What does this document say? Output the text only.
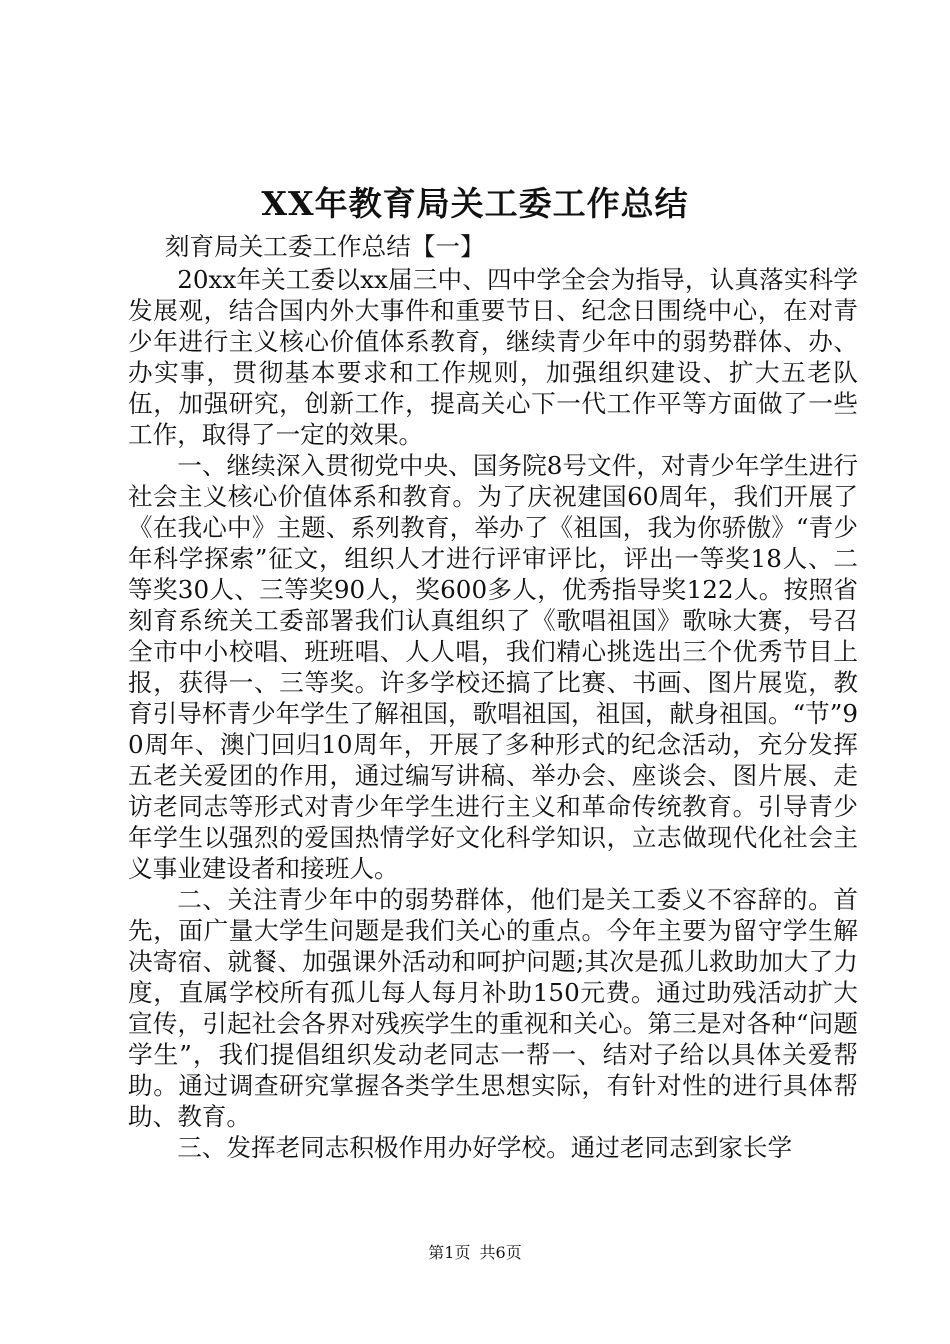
XX年教育局关工委工作总结

刻育局关工委工作总结【一】

20xx年关工委以xx届三中、四中学全会为指导，认真落实科学发展观，结合国内外大事件和重要节日、纪念日围绕中心，在对青少年进行主义核心价值体系教育，继续青少年中的弱势群体、办、办实事，贯彻基本要求和工作规则，加强组织建设、扩大五老队伍，加强研究，创新工作，提高关心下一代工作平等方面做了一些工作，取得了一定的效果。

一、继续深入贯彻党中央、国务院8号文件，对青少年学生进行社会主义核心价值体系和教育。为了庆祝建国60周年，我们开展了《在我心中》主题、系列教育，举办了《祖国，我为你骄傲》“青少年科学探索”征文，组织人才进行评审评比，评出一等奖18人、二等奖30人、三等奖90人，奖600多人，优秀指导奖122人。按照省刻育系统关工委部署我们认真组织了《歌唱祖国》歌咏大赛，号召全市中小校唱、班班唱、人人唱，我们精心挑选出三个优秀节目上报，获得一、三等奖。许多学校还搞了比赛、书画、图片展览，教育引导杯青少年学生了解祖国，歌唱祖国，祖国，献身祖国。“节”90周年、澳门回归10周年，开展了多种形式的纪念活动，充分发挥五老关爱团的作用，通过编写讲稿、举办会、座谈会、图片展、走访老同志等形式对青少年学生进行主义和革命传统教育。引导青少年学生以强烈的爱国热情学好文化科学知识，立志做现代化社会主义事业建设者和接班人。

二、关注青少年中的弱势群体，他们是关工委义不容辞的。首先，面广量大学生问题是我们关心的重点。今年主要为留守学生解决寄宿、就餐、加强课外活动和呵护问题;其次是孤儿救助加大了力度，直属学校所有孤儿每人每月补助150元费。通过助残活动扩大宣传，引起社会各界对残疾学生的重视和关心。第三是对各种“问题学生”，我们提倡组织发动老同志一帮一、结对子给以具体关爱帮助。通过调查研究掌握各类学生思想实际，有针对性的进行具体帮助、教育。

三、发挥老同志积极作用办好学校。通过老同志到家长学

第1页 共6页
